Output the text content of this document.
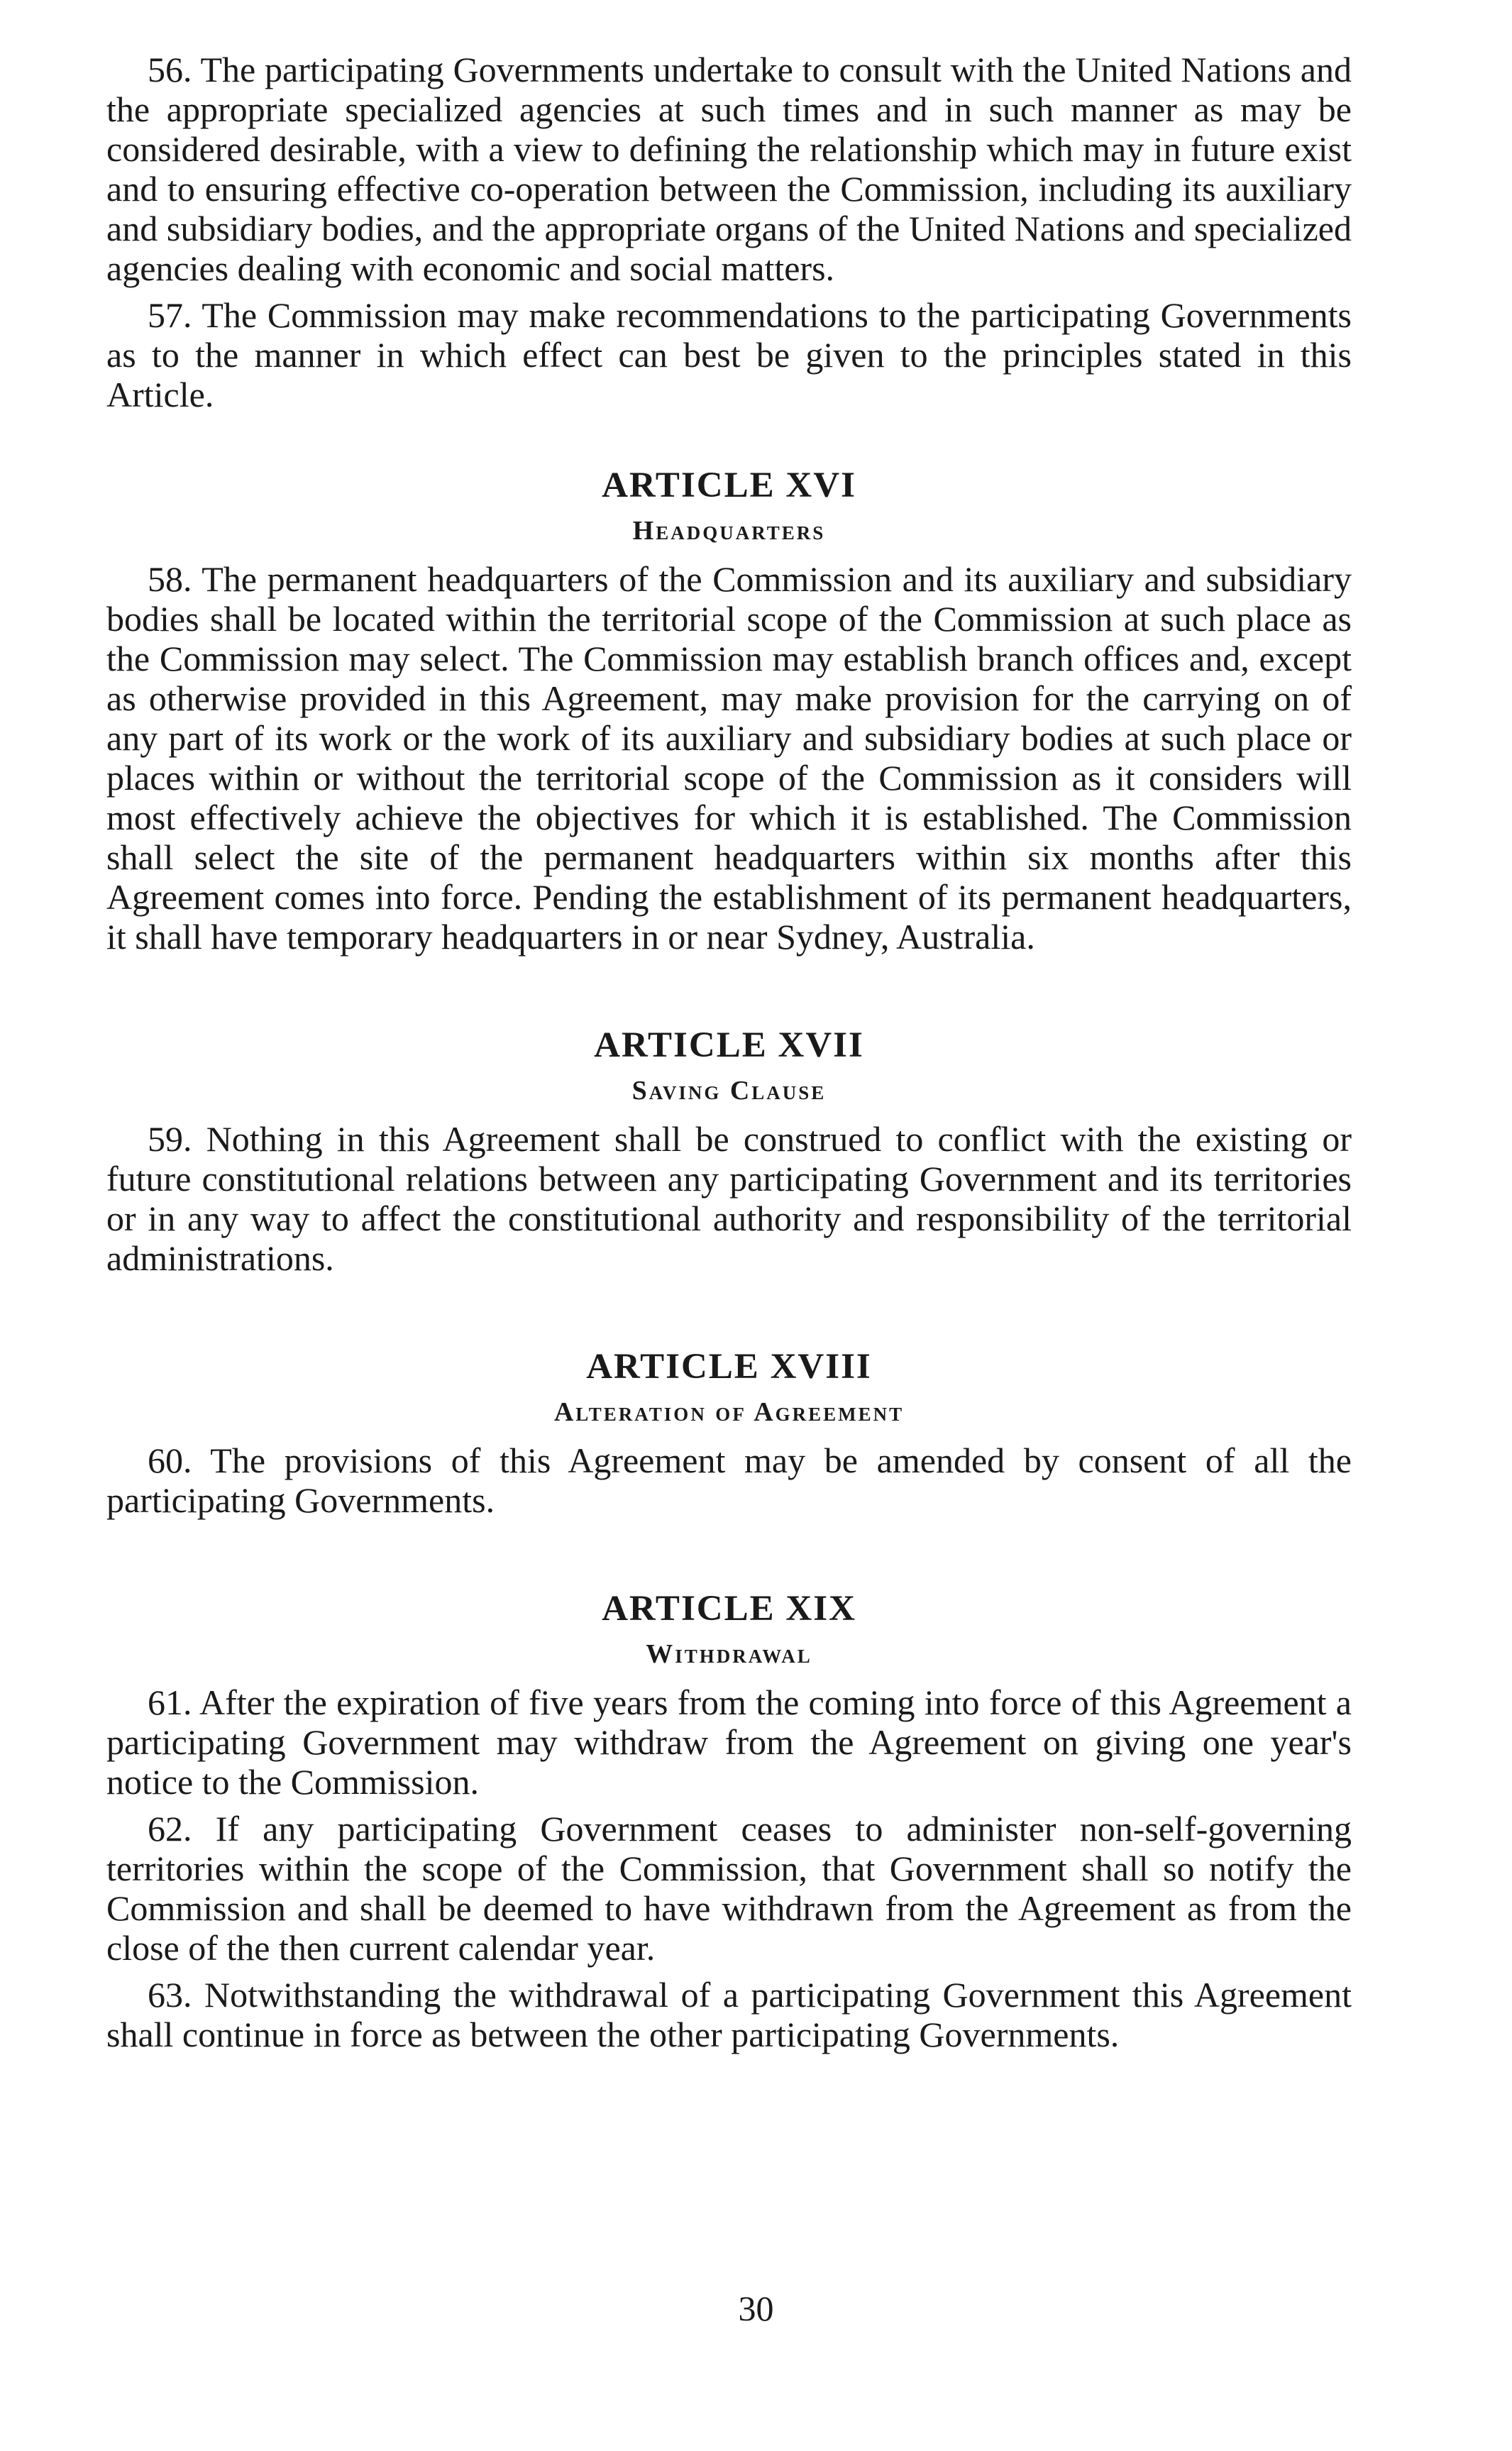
56. The participating Governments undertake to consult with the United Nations and the appropriate specialized agencies at such times and in such manner as may be considered desirable, with a view to defining the relationship which may in future exist and to ensuring effective co-operation between the Commission, including its auxiliary and subsidiary bodies, and the appropriate organs of the United Nations and specialized agencies dealing with economic and social matters.

57. The Commission may make recommendations to the participating Governments as to the manner in which effect can best be given to the principles stated in this Article.

ARTICLE XVI
Headquarters

58. The permanent headquarters of the Commission and its auxiliary and subsidiary bodies shall be located within the territorial scope of the Commission at such place as the Commission may select. The Commission may establish branch offices and, except as otherwise provided in this Agreement, may make provision for the carrying on of any part of its work or the work of its auxiliary and subsidiary bodies at such place or places within or without the territorial scope of the Commission as it considers will most effectively achieve the objectives for which it is established. The Commission shall select the site of the permanent headquarters within six months after this Agreement comes into force. Pending the establishment of its permanent headquarters, it shall have temporary headquarters in or near Sydney, Australia.

ARTICLE XVII
Saving Clause

59. Nothing in this Agreement shall be construed to conflict with the existing or future constitutional relations between any participating Government and its territories or in any way to affect the constitutional authority and responsibility of the territorial administrations.

ARTICLE XVIII
Alteration of Agreement

60. The provisions of this Agreement may be amended by consent of all the participating Governments.

ARTICLE XIX
Withdrawal

61. After the expiration of five years from the coming into force of this Agreement a participating Government may withdraw from the Agreement on giving one year's notice to the Commission.

62. If any participating Government ceases to administer non-self-governing territories within the scope of the Commission, that Government shall so notify the Commission and shall be deemed to have withdrawn from the Agreement as from the close of the then current calendar year.

63. Notwithstanding the withdrawal of a participating Government this Agreement shall continue in force as between the other participating Governments.

30
